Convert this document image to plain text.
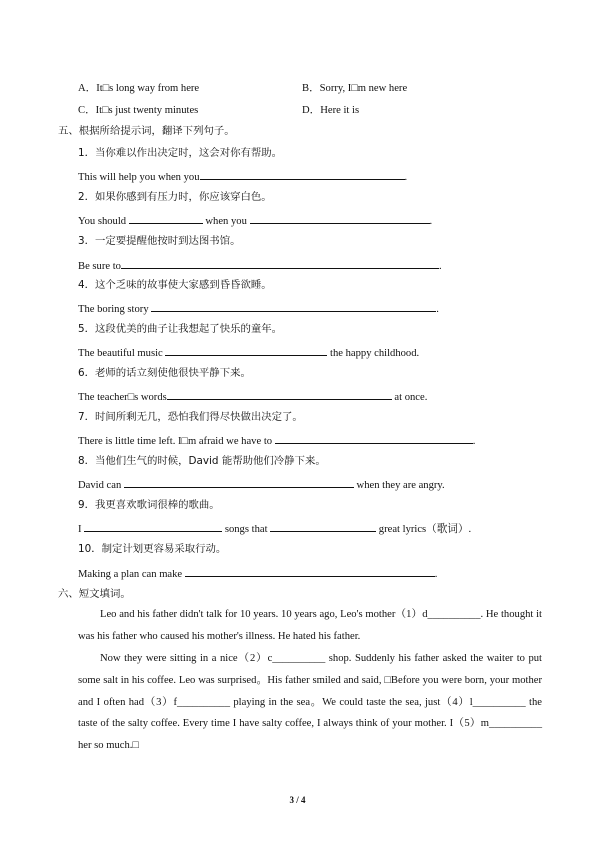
A．It□s long way from here	B．Sorry, I□m new here
C．It□s just twenty minutes	D．Here it is
五、根据所给提示词，翻译下列句子。
1．当你难以作出决定时，这会对你有帮助。
This will help you when you	.
2．如果你感到有压力时，你应该穿白色。
You should	when you	.
3．一定要提醒他按时到达图书馆。
Be sure to	.
4．这个乏味的故事使大家感到昏昏欲睡。
The boring story	.
5．这段优美的曲子让我想起了快乐的童年。
The beautiful music	the happy childhood.
6．老师的话立刻使他很快平静下来。
The teacher□s words	at once.
7．时间所剩无几，恐怕我们得尽快做出决定了。
There is little time left. I□m afraid we have to	.
8．当他们生气的时候，David 能帮助他们冷静下来。
David can	when they are angry.
9．我更喜欢歌词很棒的歌曲。
I	songs that	great lyrics（歌词）.
10．制定计划更容易采取行动。
Making a plan can make	.
六、短文填词。
Leo and his father didn't talk for 10 years. 10 years ago, Leo's mother（1）d__________. He thought it was his father who caused his mother's illness. He hated his father.
Now they were sitting in a nice（2）c__________ shop. Suddenly his father asked the waiter to put some salt in his coffee. Leo was surprised。His father smiled and said, □Before you were born, your mother and I often had（3）f__________ playing in the sea。We could taste the sea, just（4）l__________ the taste of the salty coffee. Every time I have salty coffee, I always think of your mother. I（5）m__________ her so much.□
3 / 4
